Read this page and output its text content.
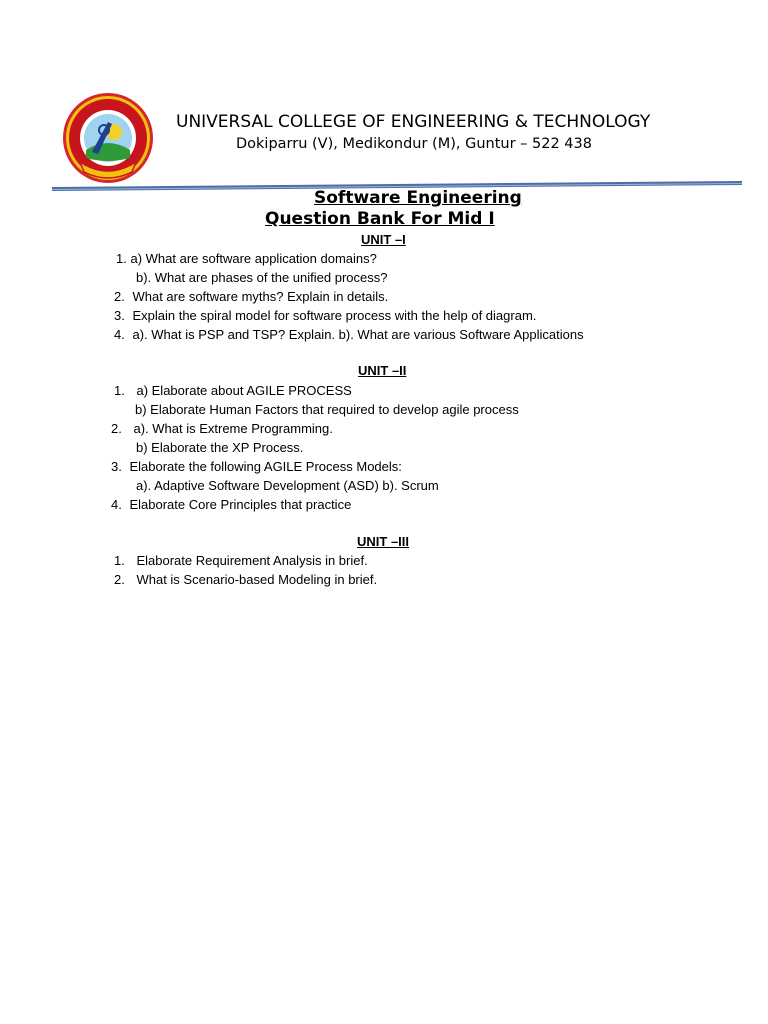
UNIVERSAL COLLEGE OF ENGINEERING & TECHNOLOGY
Dokiparru (V), Medikondur (M), Guntur – 522 438
Software Engineering
Question Bank For Mid I
UNIT –I
1. a) What are software application domains?
b). What are phases of the unified process?
2. What are software myths? Explain in details.
3. Explain the spiral model for software process with the help of diagram.
4. a). What is PSP and TSP? Explain. b). What are various Software Applications
UNIT –II
1. a) Elaborate about AGILE PROCESS
b) Elaborate Human Factors that required to develop agile process
2. a). What is Extreme Programming.
b) Elaborate the XP Process.
3. Elaborate the following AGILE Process Models:
a). Adaptive Software Development (ASD) b). Scrum
4. Elaborate Core Principles that practice
UNIT –III
1. Elaborate Requirement Analysis in brief.
2. What is Scenario-based Modeling in brief.
